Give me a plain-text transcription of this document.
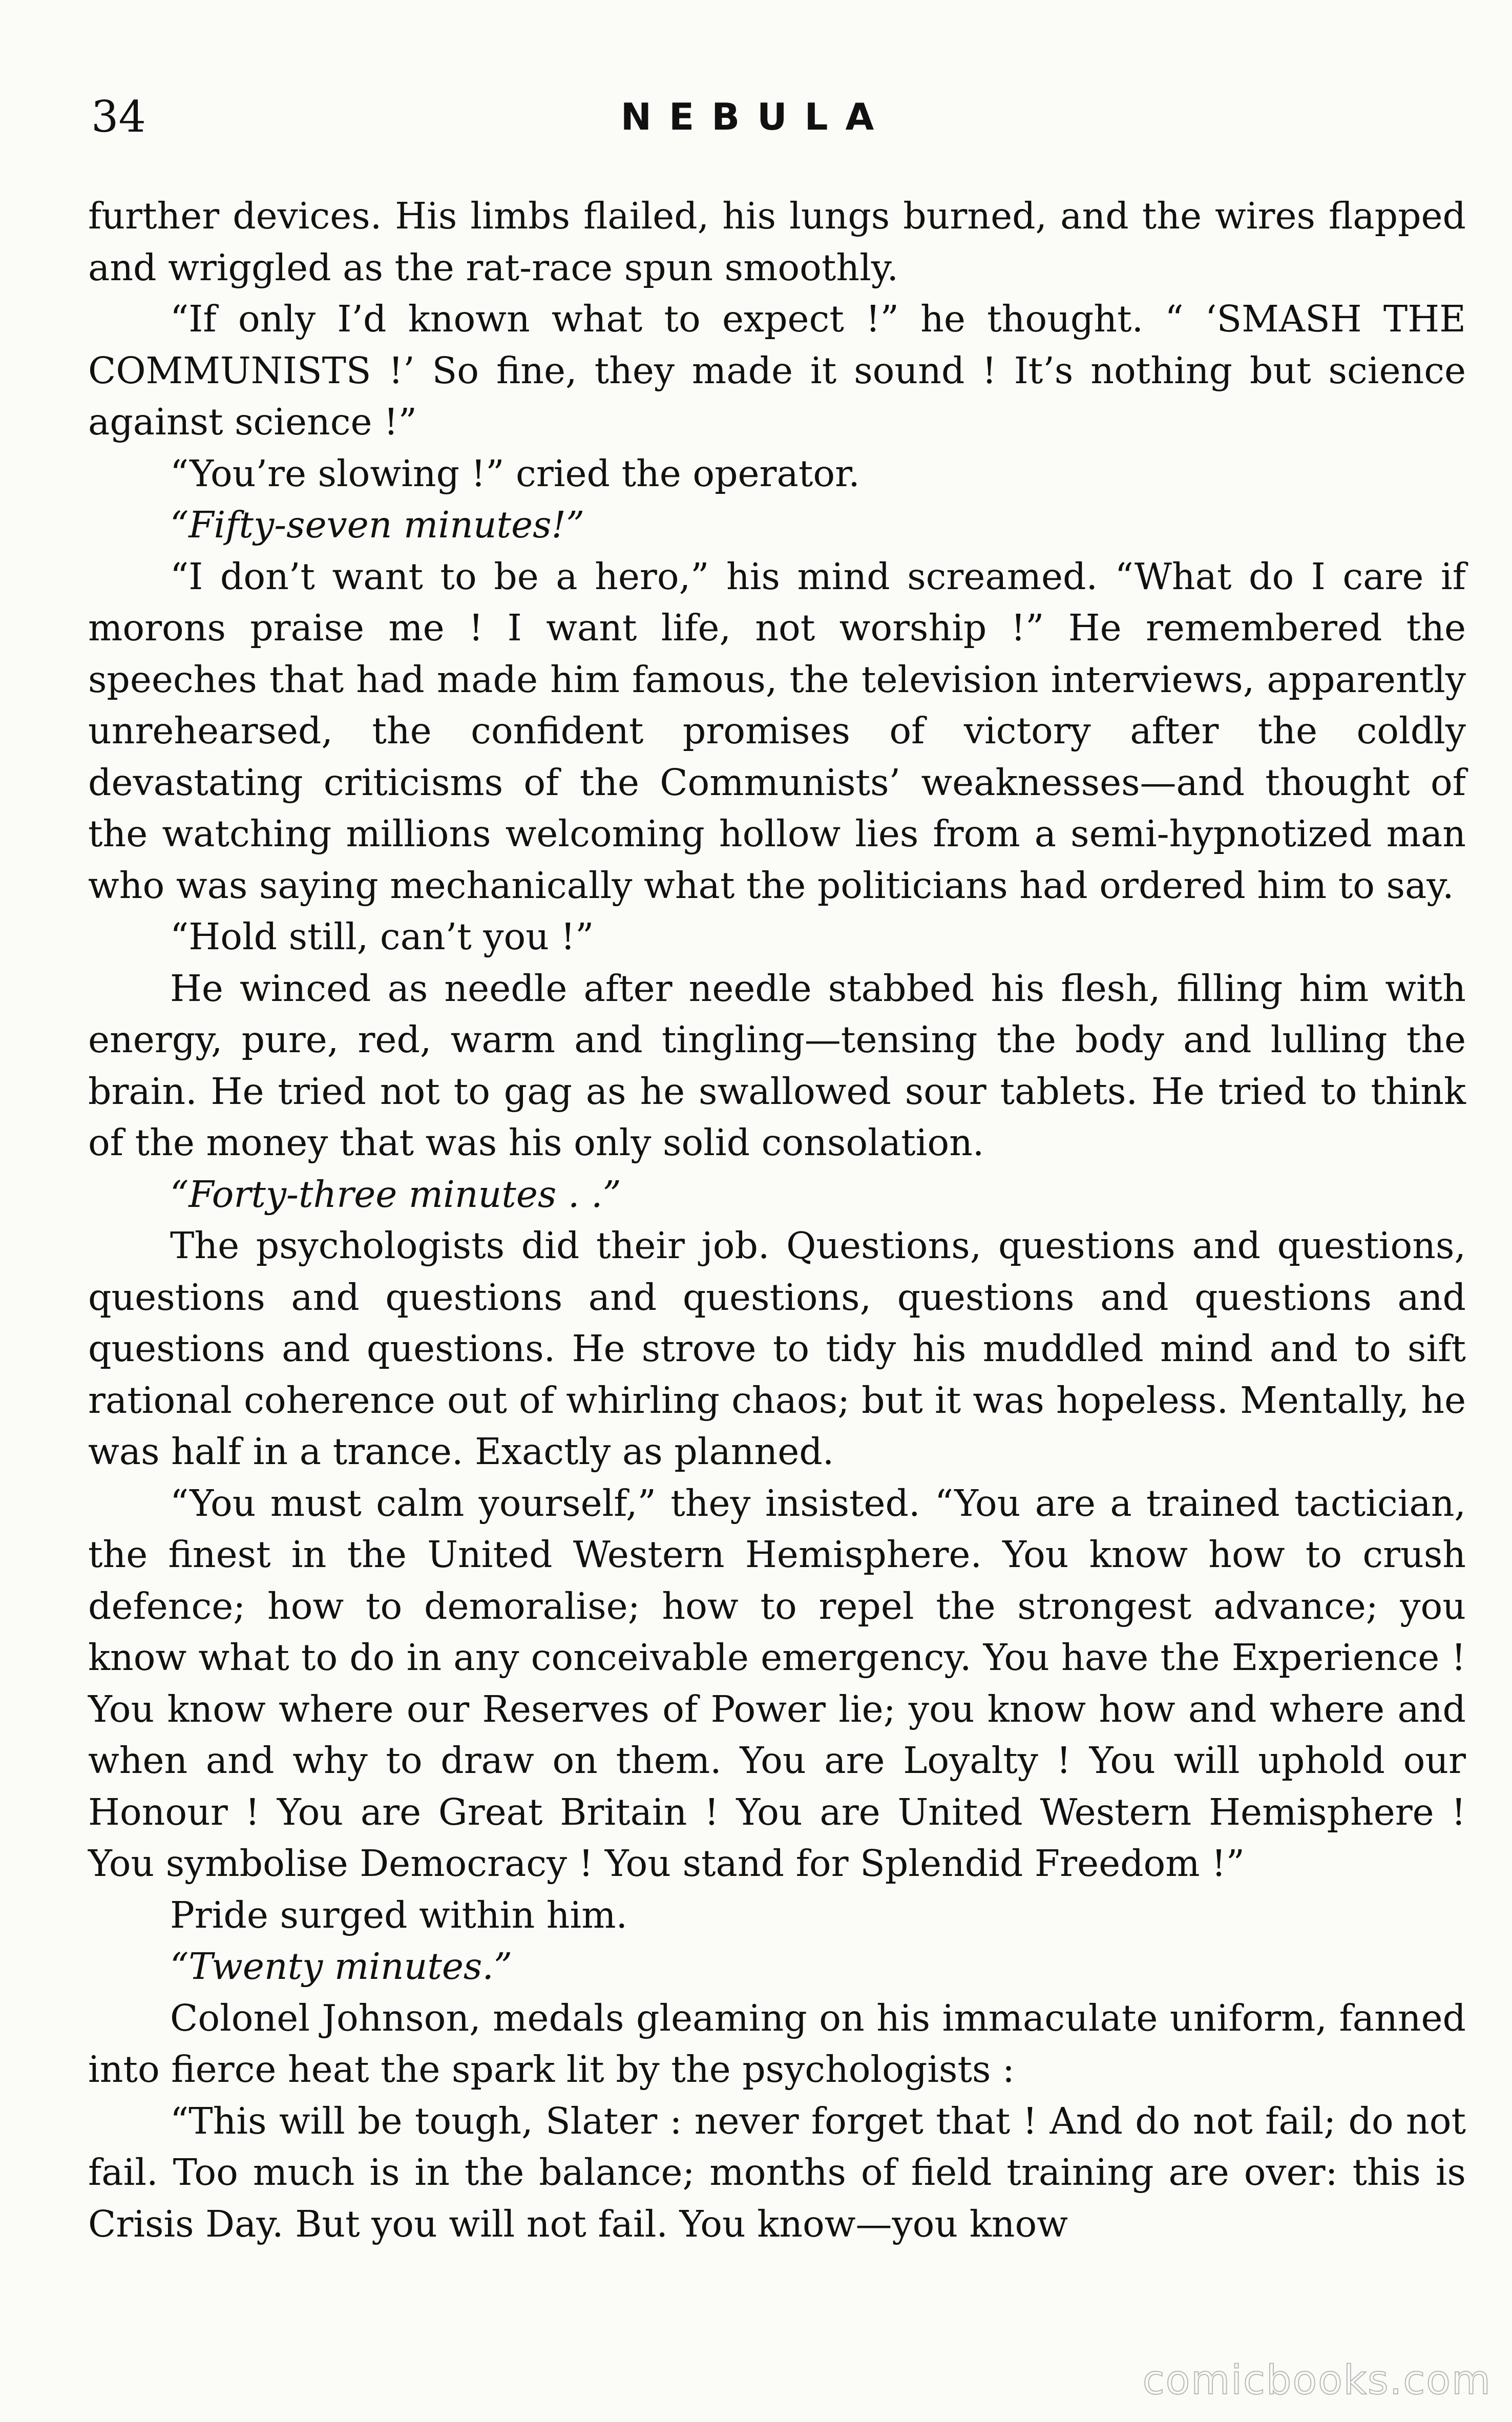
34	NEBULA

further devices. His limbs flailed, his lungs burned, and the wires flapped and wriggled as the rat-race spun smoothly.

“If only I’d known what to expect !” he thought. “ ‘SMASH THE COMMUNISTS !’ So fine, they made it sound ! It’s nothing but science against science !”

“You’re slowing !” cried the operator.

“Fifty-seven minutes!”

“I don’t want to be a hero,” his mind screamed. “What do I care if morons praise me ! I want life, not worship !” He remembered the speeches that had made him famous, the television interviews, apparently unrehearsed, the confident promises of victory after the coldly devastating criticisms of the Communists’ weaknesses—and thought of the watching millions welcoming hollow lies from a semi-hypnotized man who was saying mechanically what the politicians had ordered him to say.

“Hold still, can’t you !”

He winced as needle after needle stabbed his flesh, filling him with energy, pure, red, warm and tingling—tensing the body and lulling the brain. He tried not to gag as he swallowed sour tablets. He tried to think of the money that was his only solid consolation.

“Forty-three minutes . .”

The psychologists did their job. Questions, questions and questions, questions and questions and questions, questions and questions and questions and questions. He strove to tidy his muddled mind and to sift rational coherence out of whirling chaos; but it was hopeless. Mentally, he was half in a trance. Exactly as planned.

“You must calm yourself,” they insisted. “You are a trained tactician, the finest in the United Western Hemisphere. You know how to crush defence; how to demoralise; how to repel the strongest advance; you know what to do in any conceivable emergency. You have the Experience ! You know where our Reserves of Power lie; you know how and where and when and why to draw on them. You are Loyalty ! You will uphold our Honour ! You are Great Britain ! You are United Western Hemisphere ! You symbolise Democracy ! You stand for Splendid Freedom !”

Pride surged within him.

“Twenty minutes.”

Colonel Johnson, medals gleaming on his immaculate uniform, fanned into fierce heat the spark lit by the psychologists :

“This will be tough, Slater : never forget that ! And do not fail; do not fail. Too much is in the balance; months of field training are over: this is Crisis Day. But you will not fail. You know—you know

comicbooks.com
